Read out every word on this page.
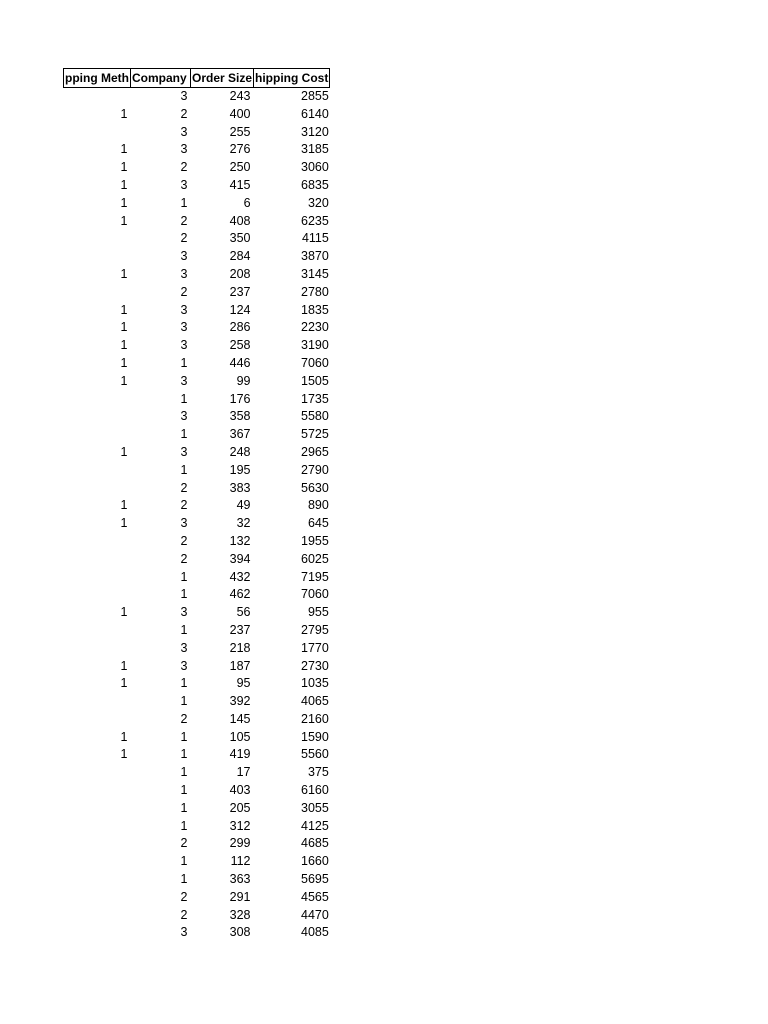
pping Meth	Company	Order Size	hipping Cost
	3	243	2855
1	2	400	6140
	3	255	3120
1	3	276	3185
1	2	250	3060
1	3	415	6835
1	1	6	320
1	2	408	6235
	2	350	4115
	3	284	3870
1	3	208	3145
	2	237	2780
1	3	124	1835
1	3	286	2230
1	3	258	3190
1	1	446	7060
1	3	99	1505
	1	176	1735
	3	358	5580
	1	367	5725
1	3	248	2965
	1	195	2790
	2	383	5630
1	2	49	890
1	3	32	645
	2	132	1955
	2	394	6025
	1	432	7195
	1	462	7060
1	3	56	955
	1	237	2795
	3	218	1770
1	3	187	2730
1	1	95	1035
	1	392	4065
	2	145	2160
1	1	105	1590
1	1	419	5560
	1	17	375
	1	403	6160
	1	205	3055
	1	312	4125
	2	299	4685
	1	112	1660
	1	363	5695
	2	291	4565
	2	328	4470
	3	308	4085
